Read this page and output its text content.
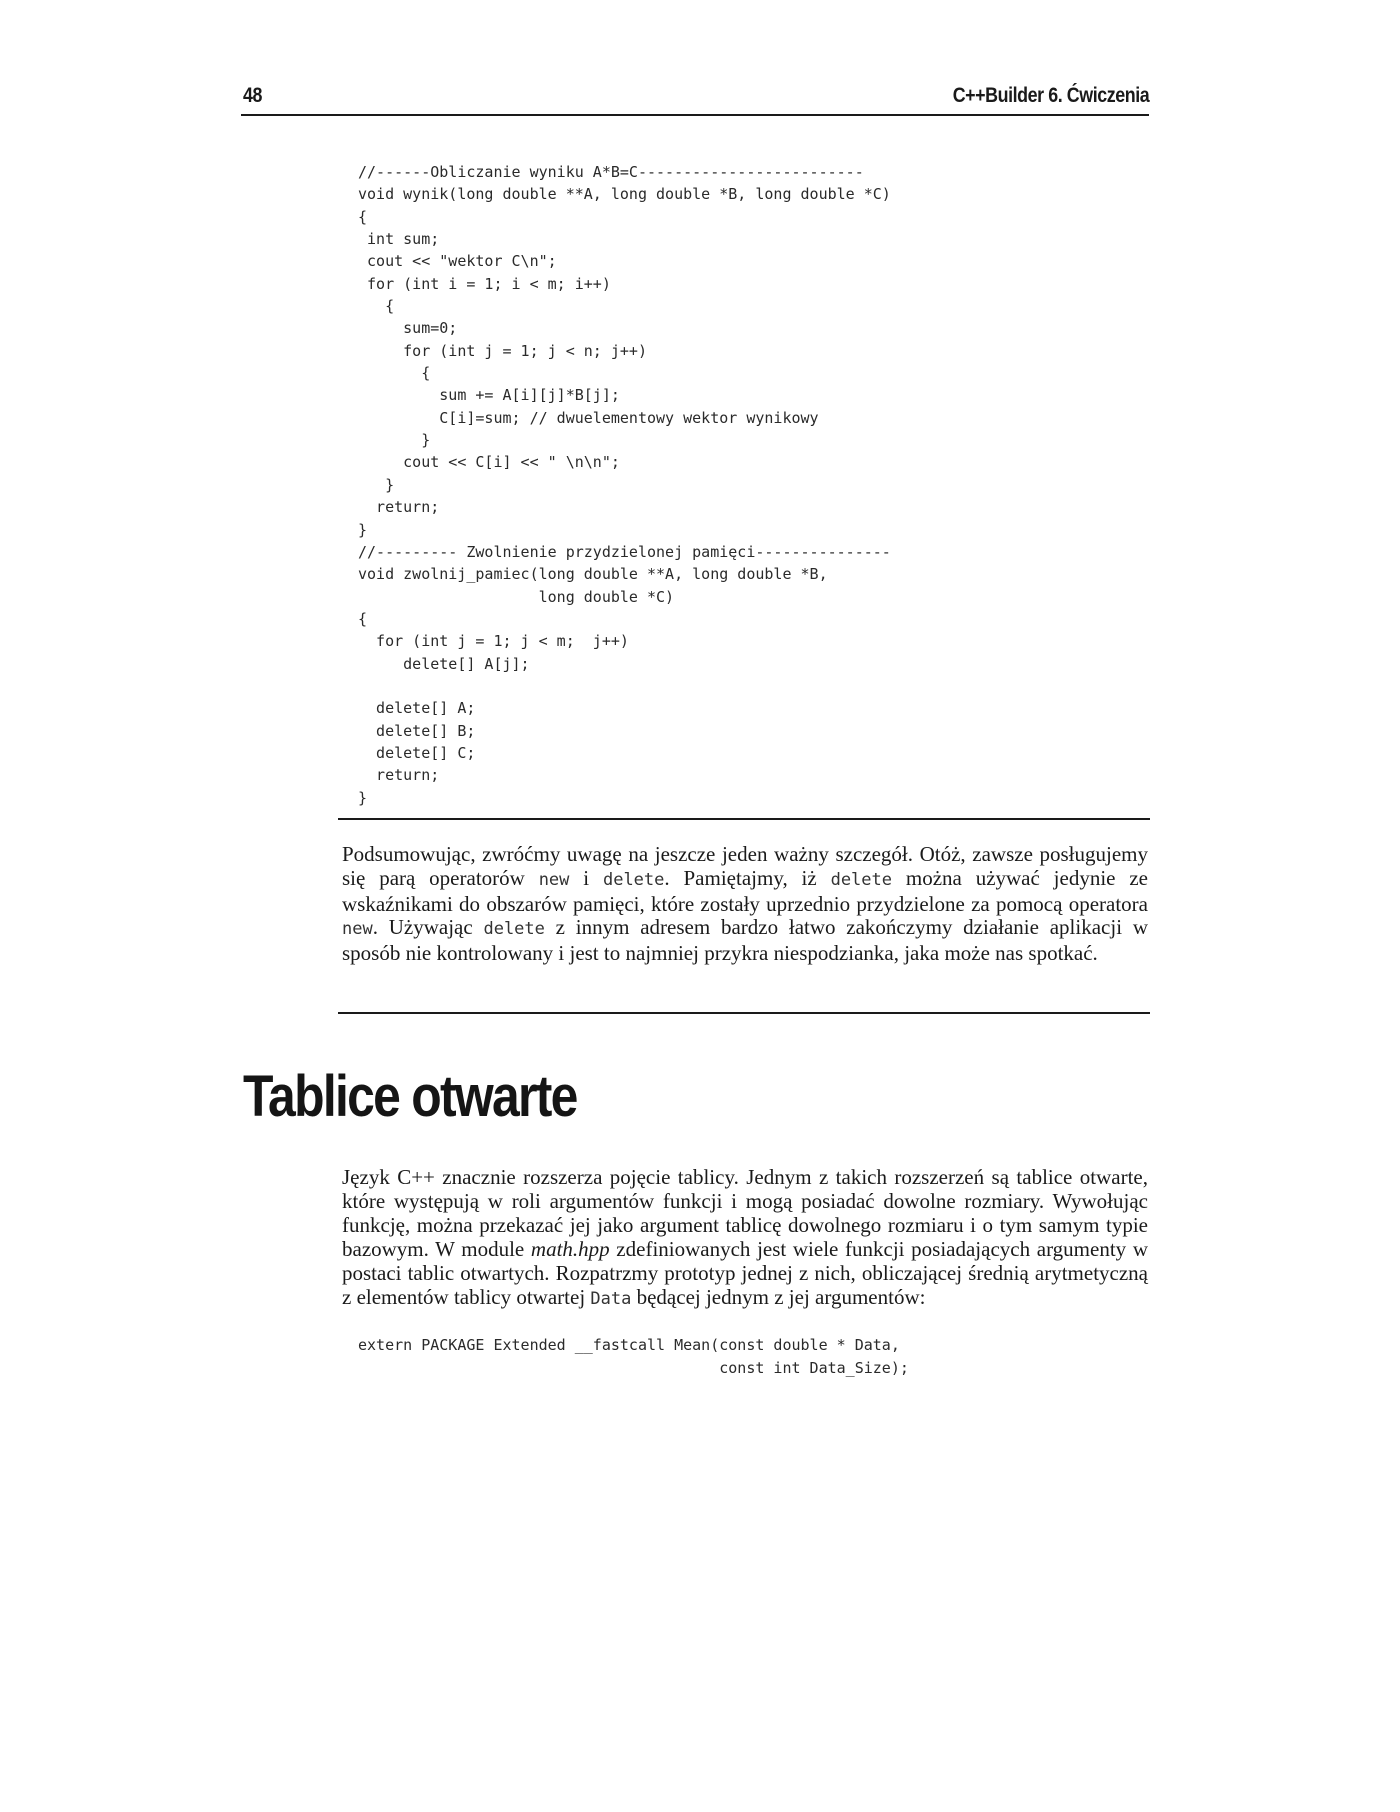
48	C++Builder 6. Ćwiczenia
//------Obliczanie wyniku A*B=C-------------------------
void wynik(long double **A, long double *B, long double *C)
{
int sum;
cout << "wektor C\n";
for (int i = 1; i < m; i++)
{
sum=0;
for (int j = 1; j < n; j++)
{
sum += A[i][j]*B[j];
C[i]=sum; // dwuelementowy wektor wynikowy
}
cout << C[i] << " \n\n";
}
return;
}
//--------- Zwolnienie przydzielonej pamięci---------------
void zwolnij_pamiec(long double **A, long double *B,
long double *C)
{
for (int j = 1; j < m;  j++)
delete[] A[j];

delete[] A;
delete[] B;
delete[] C;
return;
}

Podsumowując, zwróćmy uwagę na jeszcze jeden ważny szczegół. Otóż, zawsze posługujemy się parą operatorów new i delete. Pamiętajmy, iż delete można używać jedynie ze wskaźnikami do obszarów pamięci, które zostały uprzednio przydzielone za pomocą operatora new. Używając delete z innym adresem bardzo łatwo zakończymy działanie aplikacji w sposób nie kontrolowany i jest to najmniej przykra niespodzianka, jaka może nas spotkać.

Tablice otwarte

Język C++ znacznie rozszerza pojęcie tablicy. Jednym z takich rozszerzeń są tablice otwarte, które występują w roli argumentów funkcji i mogą posiadać dowolne rozmiary. Wywołując funkcję, można przekazać jej jako argument tablicę dowolnego rozmiaru i o tym samym typie bazowym. W module math.hpp zdefiniowanych jest wiele funkcji posiadających argumenty w postaci tablic otwartych. Rozpatrzmy prototyp jednej z nich, obliczającej średnią arytmetyczną z elementów tablicy otwartej Data będącej jednym z jej argumentów:

extern PACKAGE Extended __fastcall Mean(const double * Data,
const int Data_Size);
